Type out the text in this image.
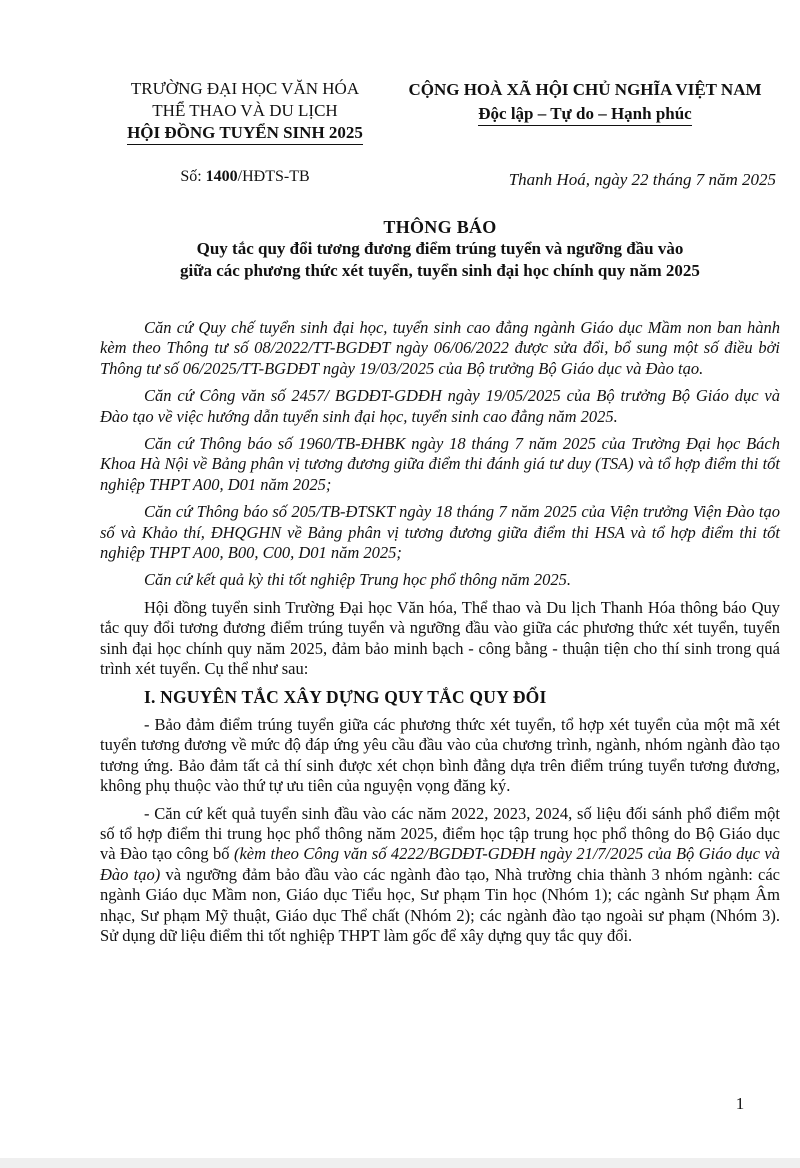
TRƯỜNG ĐẠI HỌC VĂN HÓA
THỂ THAO VÀ DU LỊCH
HỘI ĐỒNG TUYỂN SINH 2025
CỘNG HOÀ XÃ HỘI CHỦ NGHĨA VIỆT NAM
Độc lập – Tự do – Hạnh phúc
Số: 1400/HĐTS-TB	Thanh Hoá, ngày 22 tháng 7 năm 2025
THÔNG BÁO
Quy tắc quy đổi tương đương điểm trúng tuyển và ngưỡng đầu vào
giữa các phương thức xét tuyển, tuyển sinh đại học chính quy năm 2025

Căn cứ Quy chế tuyển sinh đại học, tuyển sinh cao đẳng ngành Giáo dục Mầm non ban hành kèm theo Thông tư số 08/2022/TT-BGDĐT ngày 06/06/2022 được sửa đổi, bổ sung một số điều bởi Thông tư số 06/2025/TT-BGDĐT ngày 19/03/2025 của Bộ trưởng Bộ Giáo dục và Đào tạo.

Căn cứ Công văn số 2457/ BGDĐT-GDĐH ngày 19/05/2025 của Bộ trưởng Bộ Giáo dục và Đào tạo về việc hướng dẫn tuyển sinh đại học, tuyển sinh cao đẳng năm 2025.

Căn cứ Thông báo số 1960/TB-ĐHBK ngày 18 tháng 7 năm 2025 của Trường Đại học Bách Khoa Hà Nội về Bảng phân vị tương đương giữa điểm thi đánh giá tư duy (TSA) và tổ hợp điểm thi tốt nghiệp THPT A00, D01 năm 2025;

Căn cứ Thông báo số 205/TB-ĐTSKT ngày 18 tháng 7 năm 2025 của Viện trưởng Viện Đào tạo số và Khảo thí, ĐHQGHN về Bảng phân vị tương đương giữa điểm thi HSA và tổ hợp điểm thi tốt nghiệp THPT A00, B00, C00, D01 năm 2025;

Căn cứ kết quả kỳ thi tốt nghiệp Trung học phổ thông năm 2025.

Hội đồng tuyển sinh Trường Đại học Văn hóa, Thể thao và Du lịch Thanh Hóa thông báo Quy tắc quy đổi tương đương điểm trúng tuyển và ngưỡng đầu vào giữa các phương thức xét tuyển, tuyển sinh đại học chính quy năm 2025, đảm bảo minh bạch - công bằng - thuận tiện cho thí sinh trong quá trình xét tuyển. Cụ thể như sau:

I. NGUYÊN TẮC XÂY DỰNG QUY TẮC QUY ĐỔI

- Bảo đảm điểm trúng tuyển giữa các phương thức xét tuyển, tổ hợp xét tuyển của một mã xét tuyển tương đương về mức độ đáp ứng yêu cầu đầu vào của chương trình, ngành, nhóm ngành đào tạo tương ứng. Bảo đảm tất cả thí sinh được xét chọn bình đẳng dựa trên điểm trúng tuyển tương đương, không phụ thuộc vào thứ tự ưu tiên của nguyện vọng đăng ký.

- Căn cứ kết quả tuyển sinh đầu vào các năm 2022, 2023, 2024, số liệu đối sánh phổ điểm một số tổ hợp điểm thi trung học phổ thông năm 2025, điểm học tập trung học phổ thông do Bộ Giáo dục và Đào tạo công bố (kèm theo Công văn số 4222/BGDĐT-GDĐH ngày 21/7/2025 của Bộ Giáo dục và Đào tạo) và ngưỡng đảm bảo đầu vào các ngành đào tạo, Nhà trường chia thành 3 nhóm ngành: các ngành Giáo dục Mầm non, Giáo dục Tiểu học, Sư phạm Tin học (Nhóm 1); các ngành Sư phạm Âm nhạc, Sư phạm Mỹ thuật, Giáo dục Thể chất (Nhóm 2); các ngành đào tạo ngoài sư phạm (Nhóm 3). Sử dụng dữ liệu điểm thi tốt nghiệp THPT làm gốc để xây dựng quy tắc quy đổi.

1
